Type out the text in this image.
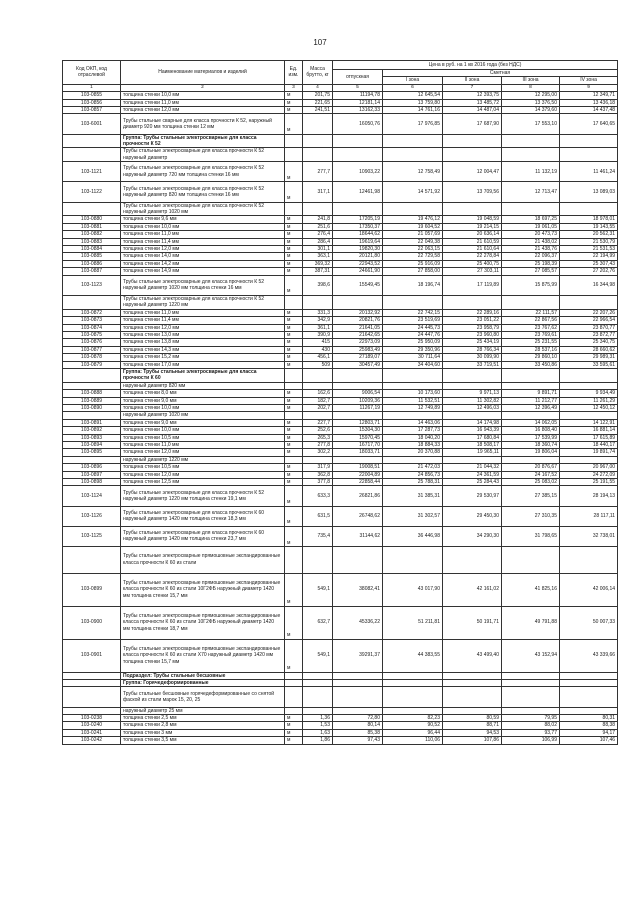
107
Код ОКП, код отраслевой	Наименование материалов и изделий	Ед. изм.	Масса брутто, кг	Цена в руб. на 1 кв 2016 года (без НДС)				
				отпускная	Сметная			
					I зона	II зона	III зона	IV зона
1	2	3	4	5	6	7	8	9
103-0855	толщина стенки 10,0 мм	м	201,75	11194,78	12 645,54	12 393,75	12 295,00	12 349,71
103-0856	толщина стенки 11,0 мм	м	221,65	12181,14	13 759,80	13 485,72	13 376,50	13 436,18
103-0857	толщина стенки 12,0 мм	м	241,51	13162,33	14 761,16	14 487,04	14 379,60	14 437,48
103-6001	Трубы стальные сварные для класса прочности К 52, наружный диаметр 920 мм толщина стенки 12 мм	м		16050,76	17 976,85	17 687,90	17 553,10	17 640,65
	Группа: Трубы стальные электросварные для класса прочности К 52							
	Трубы стальные электросварные для класса прочности К 52 наружный диаметр							
103-1121	Трубы стальные электросварные для класса прочности К 52 наружный диаметр 720 мм толщина стенки 16 мм	м	277,7	10903,22	12 758,49	12 004,47	11 132,19	11 461,24
103-1122	Трубы стальные электросварные для класса прочности К 52 наружный диаметр 820 мм толщина стенки 16 мм	м	317,1	12461,98	14 571,92	13 709,56	12 713,47	13 089,03
	Трубы стальные электросварные для класса прочности К 52 наружный диаметр 1020 мм							
103-0880	толщина стенки 9,6 мм	м	241,8	17205,19	19 476,12	19 048,59	18 697,25	18 978,01
103-0881	толщина стенки 10,0 мм	м	251,6	17350,37	19 604,52	19 214,15	19 061,05	19 143,55
103-0882	толщина стенки 11,0 мм	м	276,4	18644,62	21 057,69	20 636,14	20 473,73	20 562,31
103-0883	толщина стенки 11,4 мм	м	286,4	19619,64	22 049,38	21 610,59	21 438,02	21 530,79
103-0884	толщина стенки 12,0 мм	м	301,1	19820,30	22 063,15	21 610,64	21 438,76	21 531,53
103-0885	толщина стенки 14,0 мм	м	363,1	20121,80	22 729,58	22 278,84	22 096,37	22 194,99
103-0886	толщина стенки 14,2 мм	м	369,32	22943,52	25 916,09	25 400,75	25 198,39	25 307,43
103-0887	толщина стенки 14,9 мм	м	387,31	24661,90	27 858,00	27 303,11	27 085,57	27 202,76
103-1123	Трубы стальные электросварные для класса прочности К 52 наружный диаметр 1020 мм толщина стенки 16 мм	м	398,6	15549,45	18 196,74	17 119,89	15 875,99	16 344,98
	Трубы стальные электросварные для класса прочности К 52 наружный диаметр 1220 мм							
103-0872	толщина стенки 11,0 мм	м	331,3	20132,92	22 742,15	22 289,16	22 111,57	22 207,26
103-0873	толщина стенки 11,4 мм	м	342,9	20821,76	23 519,69	23 051,22	22 867,56	22 966,54
103-0874	толщина стенки 12,0 мм	м	361,1	21641,05	24 445,73	23 958,79	23 767,62	23 870,77
103-0875	толщина стенки 13,0 мм	м	390,9	21642,65	24 447,76	23 960,80	23 769,61	23 872,77
103-0876	толщина стенки 13,8 мм	м	415	22973,09	25 950,09	25 434,19	25 231,55	25 340,75
103-0877	толщина стенки 14,3 мм	м	430	25983,49	29 350,96	28 766,34	28 537,16	28 660,62
103-0878	толщина стенки 15,2 мм	м	456,1	27189,07	30 711,64	30 099,90	29 860,10	29 989,31
103-0879	толщина стенки 17,0 мм	м	509	30457,49	34 404,60	33 719,51	33 450,86	33 595,61
	Группа: Трубы стальные электросварные для класса прочности К 60							
	наружный диаметр 820 мм							
103-0888	толщина стенки 8,0 мм	м	162,6	9006,54	10 173,60	9 971,13	9 891,71	9 934,49
103-0889	толщина стенки 9,0 мм	м	182,7	10209,36	11 532,51	11 302,82	11 212,77	11 261,29
103-0890	толщина стенки 10,0 мм	м	202,7	11267,19	12 749,89	12 496,03	12 396,49	12 450,12
	наружный диаметр 1020 мм							
103-0891	толщина стенки 9,0 мм	м	227,7	12803,71	14 463,06	14 174,98	14 062,05	14 122,91
103-0892	толщина стенки 10,0 мм	м	252,6	15304,30	17 287,73	16 943,39	16 808,40	16 881,14
103-0893	толщина стенки 10,5 мм	м	265,3	15970,45	18 040,20	17 680,84	17 539,99	17 615,89
103-0894	толщина стенки 11,0 мм	м	277,8	16717,70	18 884,33	18 508,17	18 360,74	18 440,17
103-0895	толщина стенки 12,0 мм	м	302,2	18033,71	20 370,88	19 965,11	19 806,04	19 891,74
	наружный диаметр 1220 мм							
103-0896	толщина стенки 10,5 мм	м	317,9	19008,51	21 472,03	21 044,32	20 876,67	20 967,00
103-0897	толщина стенки 12,0 мм	м	362,8	22004,89	24 856,73	24 361,59	24 167,52	24 272,09
103-0898	толщина стенки 12,5 мм	м	377,8	22858,44	25 788,31	25 284,43	25 083,02	25 191,55
103-1124	Трубы стальные электросварные для класса прочности К 52 наружный диаметр 1220 мм толщина стенки 19,1 мм	м	633,3	26821,86	31 385,31	29 530,97	27 385,15	28 194,13
103-1126	Трубы стальные электросварные для класса прочности К 60 наружный диаметр 1420 мм толщина стенки 18,3 мм	м	631,5	26748,62	31 302,57	29 450,30	27 310,35	28 117,11
103-1125	Трубы стальные электросварные для класса прочности К 60 наружный диаметр 1420 мм толщина стенки 23,7 мм	м	735,4	31144,62	36 446,98	34 290,30	31 798,65	32 738,01
	Трубы стальные электросварные прямошовные экспандированные класса прочности К 60 из стали							
103-0899	Трубы стальные электросварные прямошовные экспандированные класса прочности К 60 из стали 10Г2ФБ наружный диаметр 1420 мм толщина стенки 15,7 мм	м	549,1	38082,41	43 017,90	42 161,02	41 825,16	42 006,14
103-0900	Трубы стальные электросварные прямошовные экспандированные класса прочности К 60 из стали 10Г2ФБ наружный диаметр 1420 мм толщина стенки 18,7 мм	м	632,7	45336,22	51 211,81	50 191,71	49 791,88	50 007,33
103-0901	Трубы стальные электросварные прямошовные экспандированные класса прочности К 60 из стали Х70 наружный диаметр 1420 мм толщина стенки 15,7 мм	м	549,1	39291,37	44 383,55	43 499,40	43 152,94	43 339,66
	Подраздел: Трубы стальные бесшовные							
	Группа: Горячедеформированные							
	Трубы стальные бесшовные горячедеформированные со снятой фаской из стали марок 15, 20, 25							
	наружный диаметр 25 мм							
103-0238	толщина стенки 2,5 мм	м	1,36	72,80	82,23	80,59	79,95	80,31
103-0240	толщина стенки 2,8 мм	м	1,53	80,14	90,52	88,71	88,02	88,38
103-0241	толщина стенки 3 мм	м	1,63	85,38	96,44	94,53	93,77	94,17
103-0242	толщина стенки 3,5 мм	м	1,86	97,43	110,06	107,86	106,99	107,46
